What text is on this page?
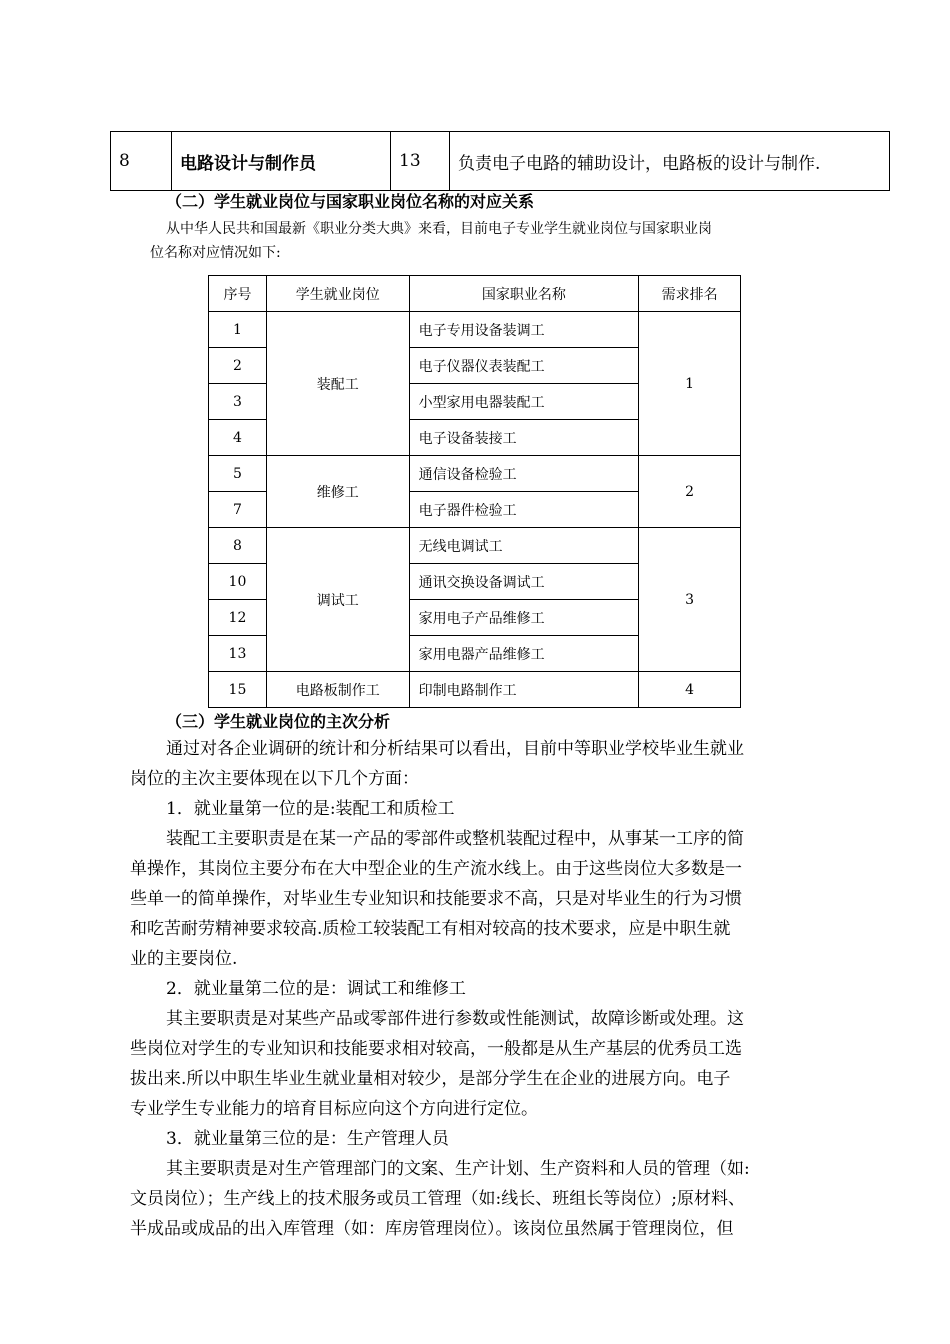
8	电路设计与制作员	13	负责电子电路的辅助设计，电路板的设计与制作.
（二）学生就业岗位与国家职业岗位名称的对应关系
从中华人民共和国最新《职业分类大典》来看，目前电子专业学生就业岗位与国家职业岗
位名称对应情况如下:
序号	学生就业岗位	国家职业名称	需求排名
1	装配工	电子专用设备装调工	1
2		电子仪器仪表装配工	
3		小型家用电器装配工	
4		电子设备装接工	
5	维修工	通信设备检验工	2
7		电子器件检验工	
8	调试工	无线电调试工	3
10		通讯交换设备调试工	
12		家用电子产品维修工	
13		家用电器产品维修工	
15	电路板制作工	印制电路制作工	4
（三）学生就业岗位的主次分析
通过对各企业调研的统计和分析结果可以看出，目前中等职业学校毕业生就业
岗位的主次主要体现在以下几个方面：
1．就业量第一位的是:装配工和质检工
装配工主要职责是在某一产品的零部件或整机装配过程中，从事某一工序的简
单操作，其岗位主要分布在大中型企业的生产流水线上。由于这些岗位大多数是一
些单一的简单操作，对毕业生专业知识和技能要求不高，只是对毕业生的行为习惯
和吃苦耐劳精神要求较高.质检工较装配工有相对较高的技术要求，应是中职生就
业的主要岗位.
2．就业量第二位的是：调试工和维修工
其主要职责是对某些产品或零部件进行参数或性能测试，故障诊断或处理。这
些岗位对学生的专业知识和技能要求相对较高，一般都是从生产基层的优秀员工选
拔出来.所以中职生毕业生就业量相对较少，是部分学生在企业的进展方向。电子
专业学生专业能力的培育目标应向这个方向进行定位。
3．就业量第三位的是：生产管理人员
其主要职责是对生产管理部门的文案、生产计划、生产资料和人员的管理（如:
文员岗位）；生产线上的技术服务或员工管理（如:线长、班组长等岗位）;原材料、
半成品或成品的出入库管理（如：库房管理岗位）。该岗位虽然属于管理岗位，但
